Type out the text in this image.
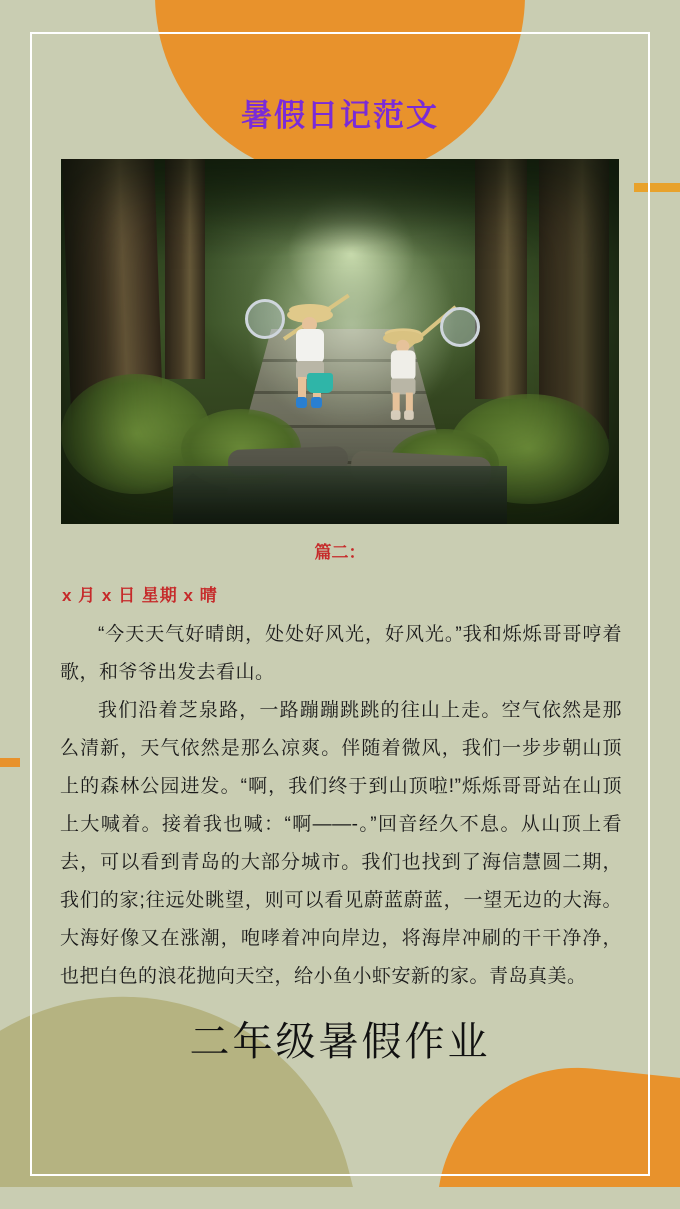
暑假日记范文
篇二：
x 月 x 日 星期 x 晴

“今天天气好晴朗，处处好风光，好风光。”我和烁烁哥哥哼着歌，和爷爷出发去看山。

我们沿着芝泉路，一路蹦蹦跳跳的往山上走。空气依然是那么清新，天气依然是那么凉爽。伴随着微风，我们一步步朝山顶上的森林公园进发。“啊，我们终于到山顶啦!”烁烁哥哥站在山顶上大喊着。接着我也喊：“啊——-。”回音经久不息。从山顶上看去，可以看到青岛的大部分城市。我们也找到了海信慧圆二期，我们的家;往远处眺望，则可以看见蔚蓝蔚蓝，一望无边的大海。大海好像又在涨潮，咆哮着冲向岸边，将海岸冲刷的干干净净，也把白色的浪花抛向天空，给小鱼小虾安新的家。青岛真美。

二年级暑假作业
